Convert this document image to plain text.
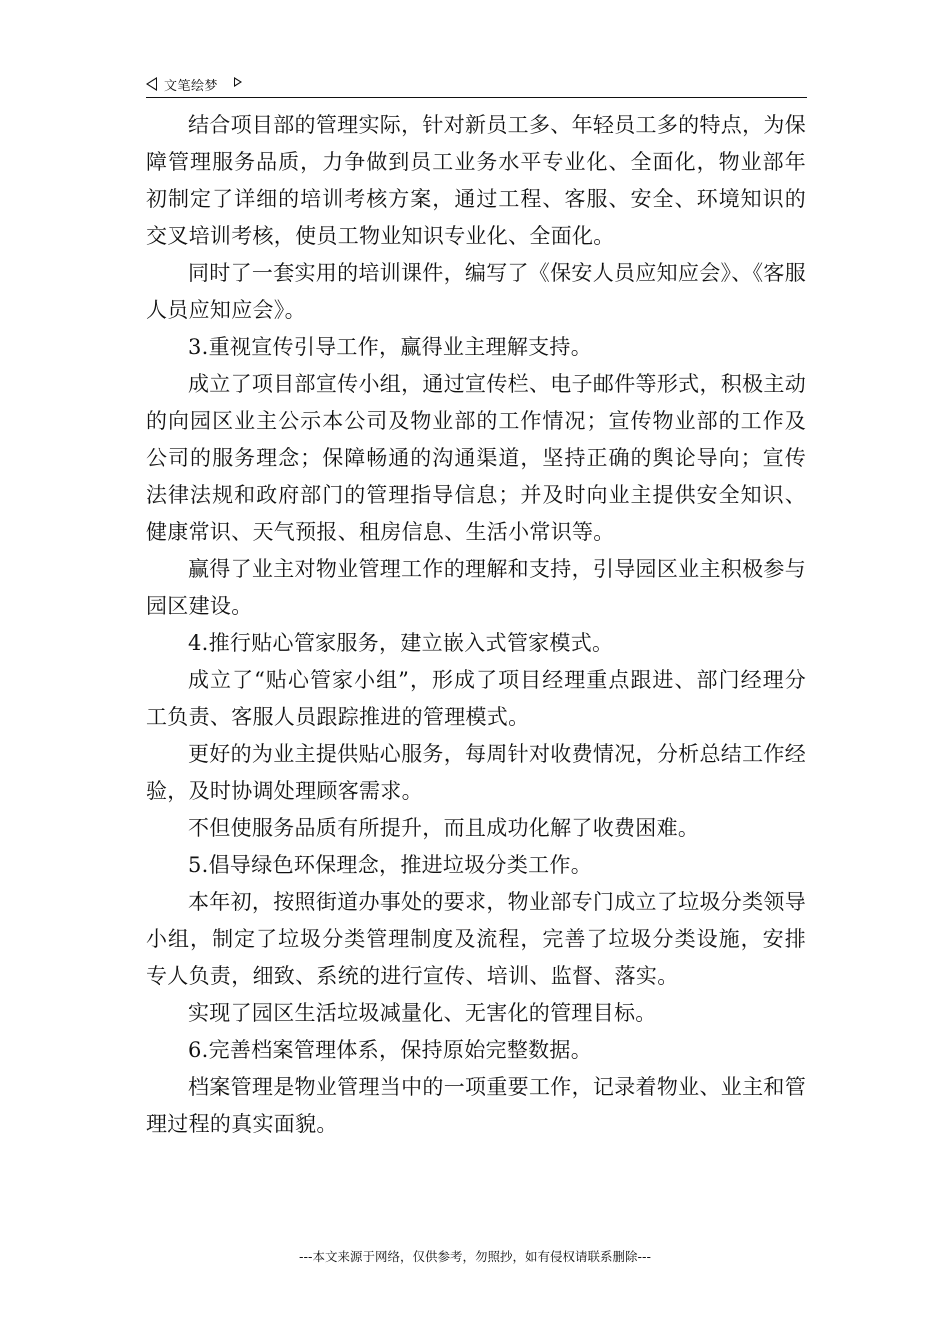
文笔绘梦

结合项目部的管理实际，针对新员工多、年轻员工多的特点，为保障管理服务品质，力争做到员工业务水平专业化、全面化，物业部年初制定了详细的培训考核方案，通过工程、客服、安全、环境知识的交叉培训考核，使员工物业知识专业化、全面化。

同时了一套实用的培训课件，编写了《保安人员应知应会》、《客服人员应知应会》。

3.重视宣传引导工作，赢得业主理解支持。

成立了项目部宣传小组，通过宣传栏、电子邮件等形式，积极主动的向园区业主公示本公司及物业部的工作情况；宣传物业部的工作及公司的服务理念；保障畅通的沟通渠道，坚持正确的舆论导向；宣传法律法规和政府部门的管理指导信息；并及时向业主提供安全知识、健康常识、天气预报、租房信息、生活小常识等。

赢得了业主对物业管理工作的理解和支持，引导园区业主积极参与园区建设。

4.推行贴心管家服务，建立嵌入式管家模式。

成立了“贴心管家小组”，形成了项目经理重点跟进、部门经理分工负责、客服人员跟踪推进的管理模式。

更好的为业主提供贴心服务，每周针对收费情况，分析总结工作经验，及时协调处理顾客需求。

不但使服务品质有所提升，而且成功化解了收费困难。

5.倡导绿色环保理念，推进垃圾分类工作。

本年初，按照街道办事处的要求，物业部专门成立了垃圾分类领导小组，制定了垃圾分类管理制度及流程，完善了垃圾分类设施，安排专人负责，细致、系统的进行宣传、培训、监督、落实。

实现了园区生活垃圾减量化、无害化的管理目标。

6.完善档案管理体系，保持原始完整数据。

档案管理是物业管理当中的一项重要工作，记录着物业、业主和管理过程的真实面貌。

---本文来源于网络，仅供参考，勿照抄，如有侵权请联系删除---
